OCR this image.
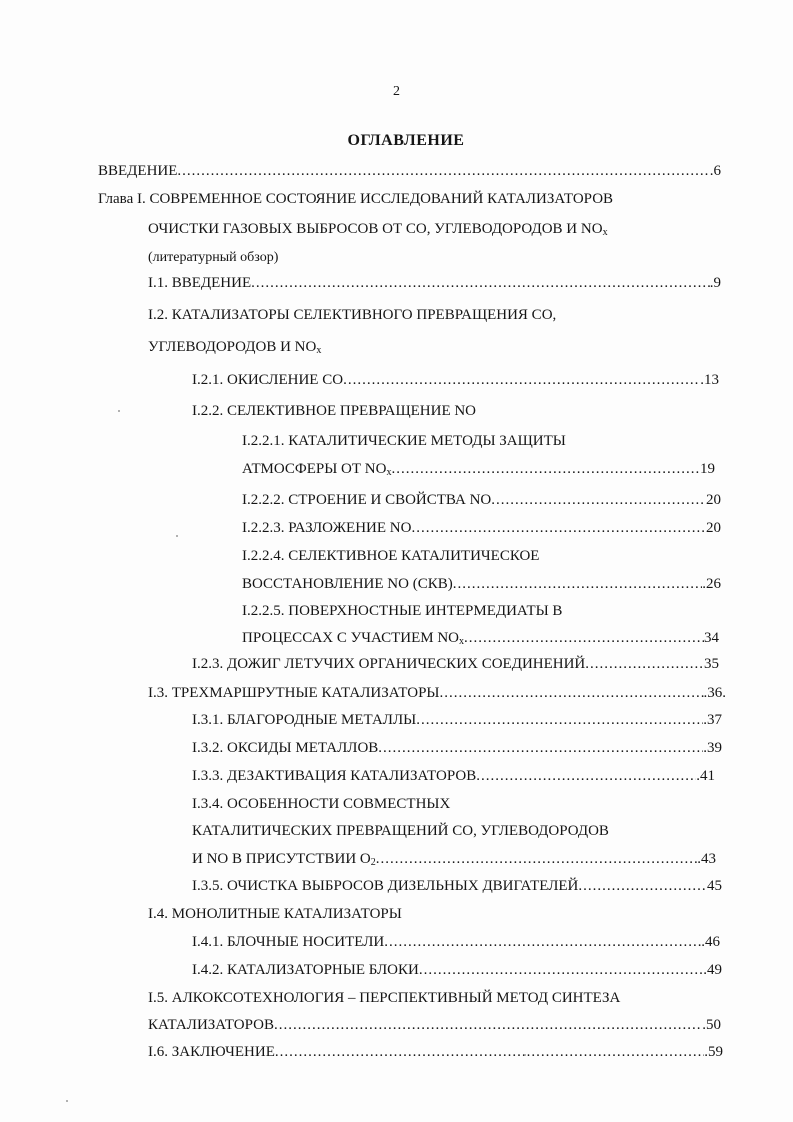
2
ОГЛАВЛЕНИЕ
ВВЕДЕНИЕ .....	.6
Глава I. СОВРЕМЕННОЕ СОСТОЯНИЕ ИССЛЕДОВАНИЙ КАТАЛИЗАТОРОВ
ОЧИСТКИ ГАЗОВЫХ ВЫБРОСОВ ОТ СО, УГЛЕВОДОРОДОВ И $NO_x$
(литературный обзор)
I.1. ВВЕДЕНИЕ .....	.9
I.2. КАТАЛИЗАТОРЫ СЕЛЕКТИВНОГО ПРЕВРАЩЕНИЯ CO,
УГЛЕВОДОРОДОВ И $NO_x$
I.2.1. ОКИСЛЕНИЕ CO .....	.13
I.2.2. СЕЛЕКТИВНОЕ ПРЕВРАЩЕНИЕ NO
I.2.2.1. КАТАЛИТИЧЕСКИЕ МЕТОДЫ ЗАЩИТЫ
АТМОСФЕРЫ ОТ $NO_x$ .....	19
I.2.2.2. СТРОЕНИЕ И СВОЙСТВА NO .....	20
I.2.2.3. РАЗЛОЖЕНИЕ NO .....	20
I.2.2.4. СЕЛЕКТИВНОЕ КАТАЛИТИЧЕСКОЕ
ВОССТАНОВЛЕНИЕ NO (СКВ) .....	.26
I.2.2.5. ПОВЕРХНОСТНЫЕ ИНТЕРМЕДИАТЫ В
ПРОЦЕССАХ С УЧАСТИЕМ $NO_x$ .....	34
I.2.3. ДОЖИГ ЛЕТУЧИХ ОРГАНИЧЕСКИХ СОЕДИНЕНИЙ .....	35
I.3. ТРЕХМАРШРУТНЫЕ КАТАЛИЗАТОРЫ .....	.36.
I.3.1. БЛАГОРОДНЫЕ МЕТАЛЛЫ .....	.37
I.3.2. ОКСИДЫ МЕТАЛЛОВ .....	.39
I.3.3. ДЕЗАКТИВАЦИЯ КАТАЛИЗАТОРОВ .....	.41
I.3.4. ОСОБЕННОСТИ СОВМЕСТНЫХ
КАТАЛИТИЧЕСКИХ ПРЕВРАЩЕНИЙ СО, УГЛЕВОДОРОДОВ
И NO В ПРИСУТСТВИИ $O_2$ .....	.43
I.3.5. ОЧИСТКА ВЫБРОСОВ ДИЗЕЛЬНЫХ ДВИГАТЕЛЕЙ .....	45
I.4. МОНОЛИТНЫЕ КАТАЛИЗАТОРЫ
I.4.1. БЛОЧНЫЕ НОСИТЕЛИ .....	.46
I.4.2. КАТАЛИЗАТОРНЫЕ БЛОКИ .....	.49
I.5. АЛКОКСОТЕХНОЛОГИЯ – ПЕРСПЕКТИВНЫЙ МЕТОД СИНТЕЗА
КАТАЛИЗАТОРОВ .....	.50
I.6. ЗАКЛЮЧЕНИЕ .....	.59
